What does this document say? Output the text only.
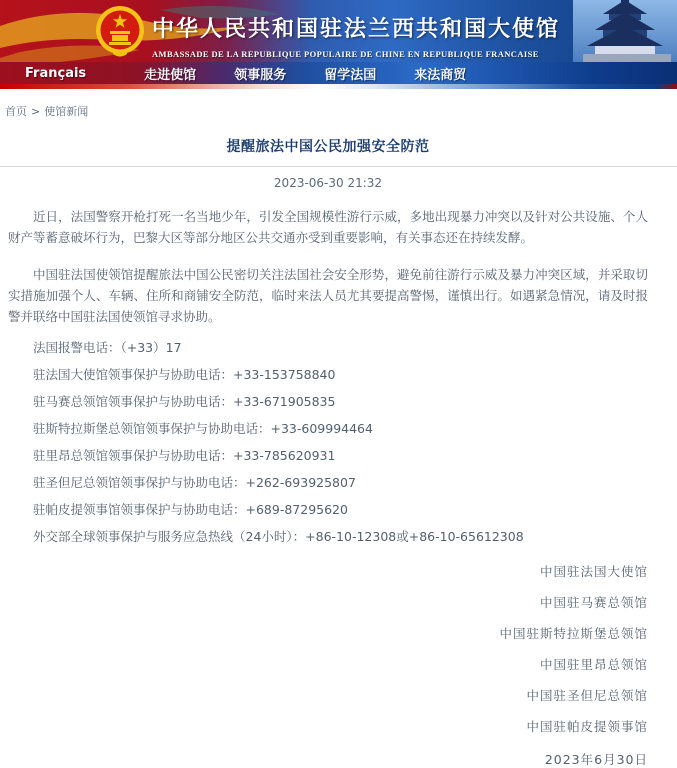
中华人民共和国驻法兰西共和国大使馆
AMBASSADE DE LA REPUBLIQUE POPULAIRE DE CHINE EN REPUBLIQUE FRANCAISE
Français	走进使馆	领事服务	留学法国	来法商贸
首页 > 使馆新闻
提醒旅法中国公民加强安全防范
2023-06-30 21:32

近日，法国警察开枪打死一名当地少年，引发全国规模性游行示威，多地出现暴力冲突以及针对公共设施、个人财产等蓄意破坏行为，巴黎大区等部分地区公共交通亦受到重要影响，有关事态还在持续发酵。

中国驻法国使领馆提醒旅法中国公民密切关注法国社会安全形势，避免前往游行示威及暴力冲突区域，并采取切实措施加强个人、车辆、住所和商铺安全防范，临时来法人员尤其要提高警惕，谨慎出行。如遇紧急情况，请及时报警并联络中国驻法国使领馆寻求协助。

法国报警电话：（+33）17

驻法国大使馆领事保护与协助电话：+33-153758840

驻马赛总领馆领事保护与协助电话：+33-671905835

驻斯特拉斯堡总领馆领事保护与协助电话：+33-609994464

驻里昂总领馆领事保护与协助电话：+33-785620931

驻圣但尼总领馆领事保护与协助电话：+262-693925807

驻帕皮提领事馆领事保护与协助电话：+689-87295620

外交部全球领事保护与服务应急热线（24小时）：+86-10-12308或+86-10-65612308

中国驻法国大使馆

中国驻马赛总领馆

中国驻斯特拉斯堡总领馆

中国驻里昂总领馆

中国驻圣但尼总领馆

中国驻帕皮提领事馆

2023年6月30日
